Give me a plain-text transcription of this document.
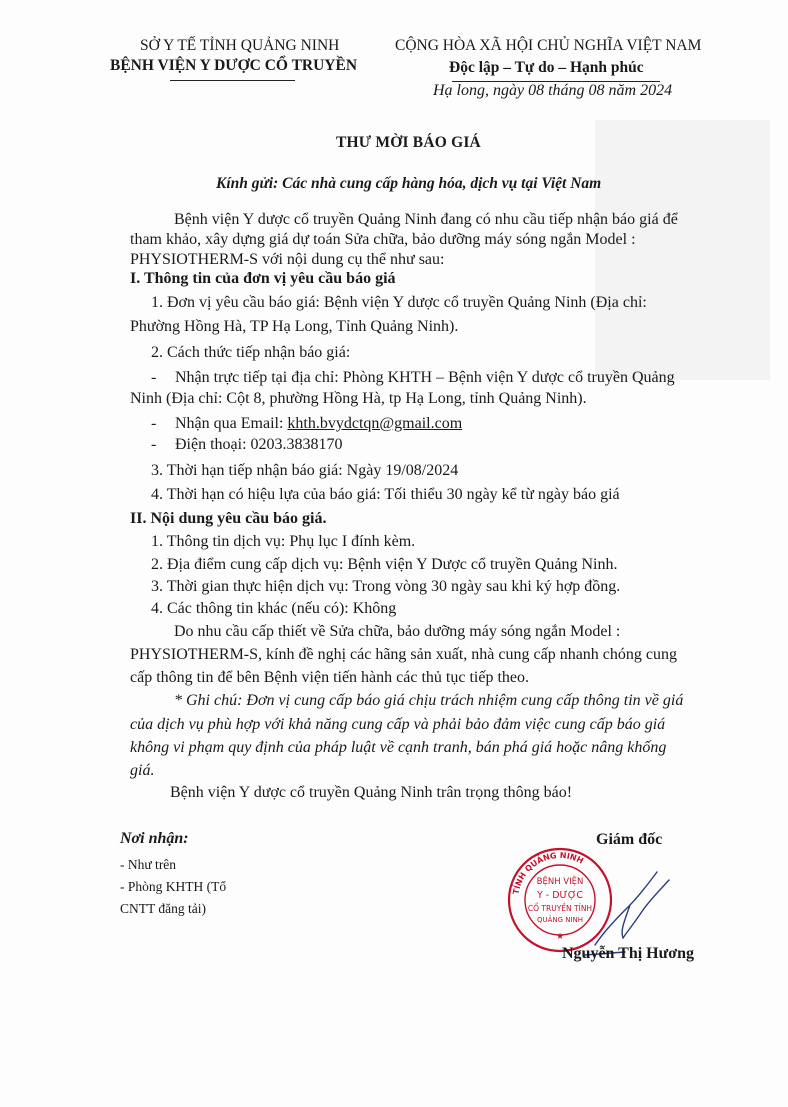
SỞ Y TẾ TỈNH QUẢNG NINH
BỆNH VIỆN Y DƯỢC CỔ TRUYỀN
CỘNG HÒA XÃ HỘI CHỦ NGHĨA VIỆT NAM
Độc lập – Tự do – Hạnh phúc
Hạ long, ngày 08 tháng 08 năm 2024
THƯ MỜI BÁO GIÁ
Kính gửi: Các nhà cung cấp hàng hóa, dịch vụ tại Việt Nam
Bệnh viện Y dược cổ truyền Quảng Ninh đang có nhu cầu tiếp nhận báo giá để
tham khảo, xây dựng giá dự toán Sửa chữa, bảo dưỡng máy sóng ngắn Model :
PHYSIOTHERM-S với nội dung cụ thể như sau:
I. Thông tin của đơn vị yêu cầu báo giá
1. Đơn vị yêu cầu báo giá: Bệnh viện Y dược cổ truyền Quảng Ninh (Địa chỉ:
Phường Hồng Hà, TP Hạ Long, Tỉnh Quảng Ninh).
2. Cách thức tiếp nhận báo giá:
- Nhận trực tiếp tại địa chỉ: Phòng KHTH – Bệnh viện Y dược cổ truyền Quảng
Ninh (Địa chỉ: Cột 8, phường Hồng Hà, tp Hạ Long, tỉnh Quảng Ninh).
- Nhận qua Email: khth.bvydctqn@gmail.com
- Điện thoại: 0203.3838170
3. Thời hạn tiếp nhận báo giá: Ngày 19/08/2024
4. Thời hạn có hiệu lựa của báo giá: Tối thiểu 30 ngày kể từ ngày báo giá
II. Nội dung yêu cầu báo giá.
1. Thông tin dịch vụ: Phụ lục I đính kèm.
2. Địa điểm cung cấp dịch vụ: Bệnh viện Y Dược cổ truyền Quảng Ninh.
3. Thời gian thực hiện dịch vụ: Trong vòng 30 ngày sau khi ký hợp đồng.
4. Các thông tin khác (nếu có): Không
Do nhu cầu cấp thiết về Sửa chữa, bảo dưỡng máy sóng ngắn Model :
PHYSIOTHERM-S, kính đề nghị các hãng sản xuất, nhà cung cấp nhanh chóng cung
cấp thông tin để bên Bệnh viện tiến hành các thủ tục tiếp theo.
* Ghi chú: Đơn vị cung cấp báo giá chịu trách nhiệm cung cấp thông tin về giá
của dịch vụ phù hợp với khả năng cung cấp và phải bảo đảm việc cung cấp báo giá
không vi phạm quy định của pháp luật về cạnh tranh, bán phá giá hoặc nâng khống
giá.
Bệnh viện Y dược cổ truyền Quảng Ninh trân trọng thông báo!
Nơi nhận:
- Như trên
- Phòng KHTH (Tổ
CNTT đăng tải)
Giám đốc
TỈNH QUẢNG NINH
BỆNH VIỆN
Y - DƯỢC
CỔ TRUYỀN TỈNH
QUẢNG NINH
★
Nguyễn Thị Hương
